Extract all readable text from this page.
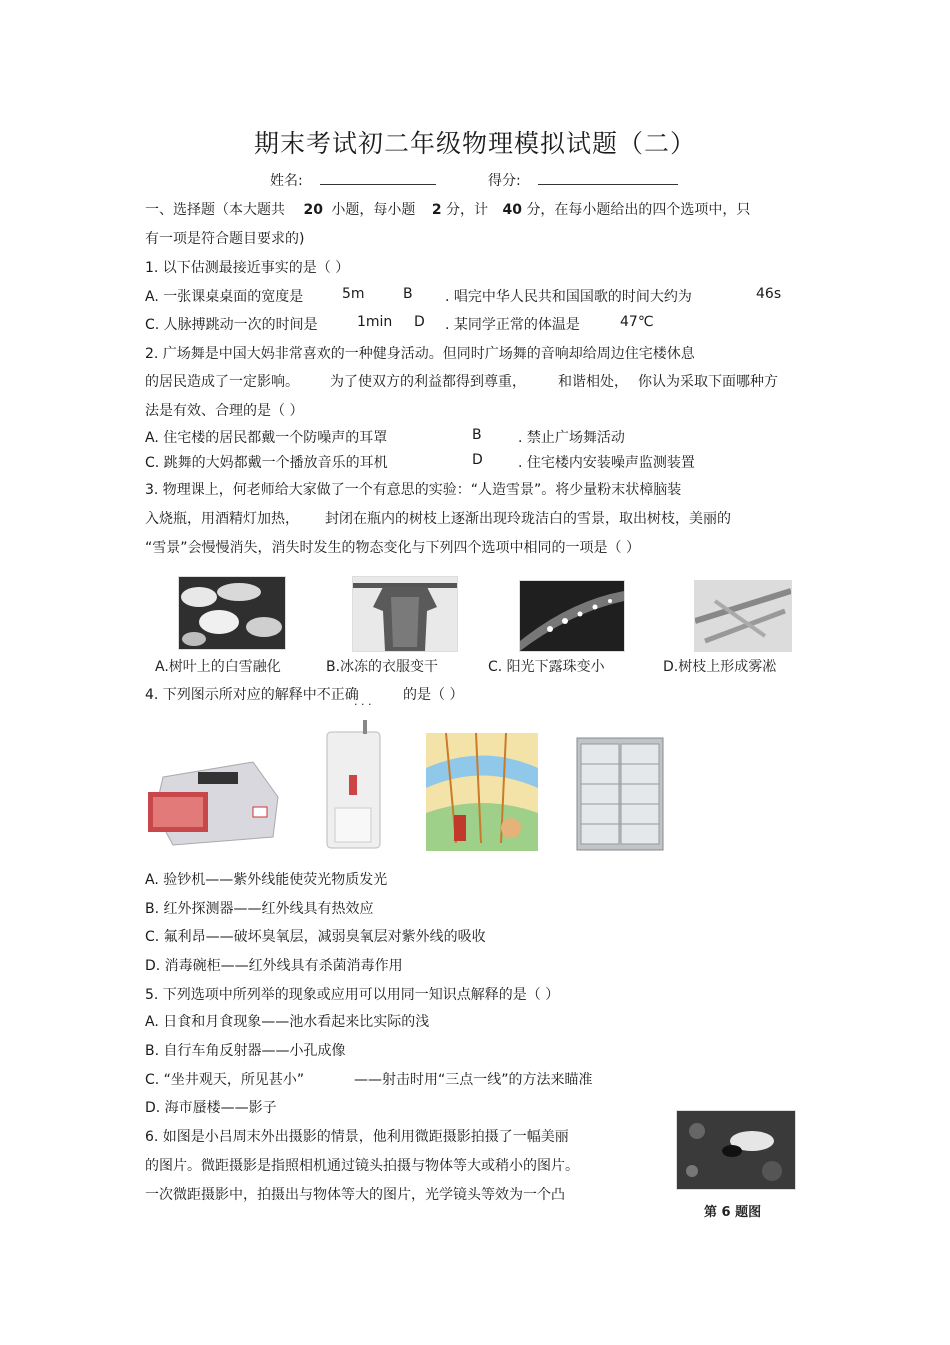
期末考试初二年级物理模拟试题（二）
姓名:	得分:
一、选择题（本大题共 20 小题，每小题 2 分，计 40 分，在每小题给出的四个选项中，只
有一项是符合题目要求的)
1. 以下估测最接近事实的是（ ）
A. 一张课桌桌面的宽度是	5m	B . 唱完中华人民共和国国歌的时间大约为	46s
C. 人脉搏跳动一次的时间是	1min D . 某同学正常的体温是	47℃
2. 广场舞是中国大妈非常喜欢的一种健身活动。但同时广场舞的音响却给周边住宅楼休息
的居民造成了一定影响。 为了使双方的利益都得到尊重， 和谐相处， 你认为采取下面哪种方
法是有效、合理的是（ ）
A. 住宅楼的居民都戴一个防噪声的耳罩	B	. 禁止广场舞活动
C. 跳舞的大妈都戴一个播放音乐的耳机	D	. 住宅楼内安装噪声监测装置
3. 物理课上，何老师给大家做了一个有意思的实验：“人造雪景”。将少量粉末状樟脑装
入烧瓶，用酒精灯加热， 封闭在瓶内的树枝上逐渐出现玲珑洁白的雪景，取出树枝，美丽的
“雪景”会慢慢消失，消失时发生的物态变化与下列四个选项中相同的一项是（ ）
A.树叶上的白雪融化	B.冰冻的衣服变干	C. 阳光下露珠变小	D.树枝上形成雾凇
4. 下列图示所对应的解释中不正确	的是（ ）
· · ·
A. 验钞机——紫外线能使荧光物质发光
B. 红外探测器——红外线具有热效应
C. 氟利昂——破坏臭氧层，减弱臭氧层对紫外线的吸收
D. 消毒碗柜——红外线具有杀菌消毒作用
5. 下列选项中所列举的现象或应用可以用同一知识点解释的是（ ）
A. 日食和月食现象——池水看起来比实际的浅
B. 自行车角反射器——小孔成像
C. “坐井观天，所见甚小”	——射击时用“三点一线”的方法来瞄准
D. 海市蜃楼——影子
6. 如图是小吕周末外出摄影的情景，他利用微距摄影拍摄了一幅美丽
的图片。微距摄影是指照相机通过镜头拍摄与物体等大或稍小的图片。
一次微距摄影中，拍摄出与物体等大的图片，光学镜头等效为一个凸
第 6 题图
